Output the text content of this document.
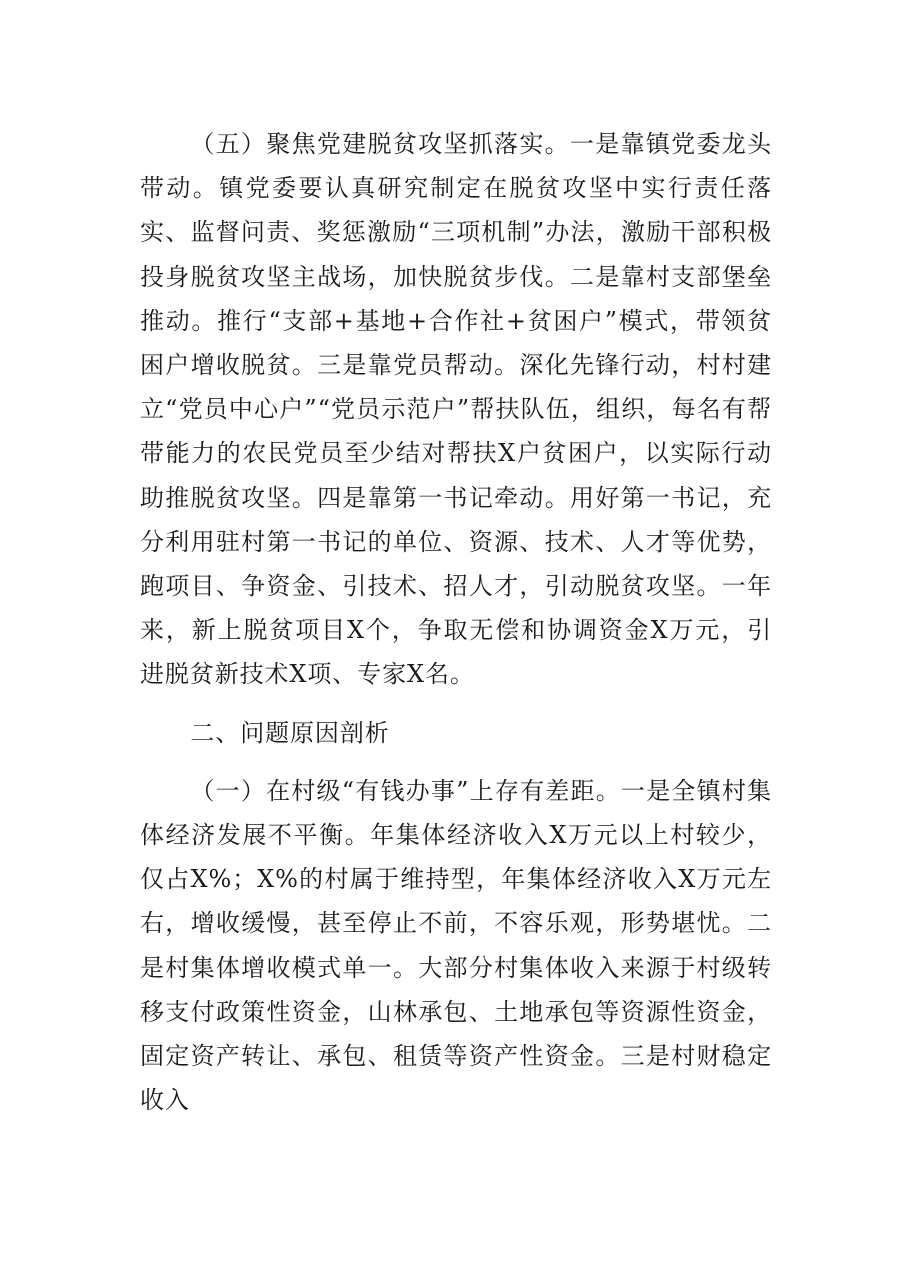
（五）聚焦党建脱贫攻坚抓落实。一是靠镇党委龙头带动。镇党委要认真研究制定在脱贫攻坚中实行责任落实、监督问责、奖惩激励“三项机制”办法，激励干部积极投身脱贫攻坚主战场，加快脱贫步伐。二是靠村支部堡垒推动。推行“支部+基地+合作社+贫困户”模式，带领贫困户增收脱贫。三是靠党员帮动。深化先锋行动，村村建立“党员中心户”“党员示范户”帮扶队伍，组织，每名有帮带能力的农民党员至少结对帮扶X户贫困户，以实际行动助推脱贫攻坚。四是靠第一书记牵动。用好第一书记，充分利用驻村第一书记的单位、资源、技术、人才等优势，跑项目、争资金、引技术、招人才，引动脱贫攻坚。一年来，新上脱贫项目X个，争取无偿和协调资金X万元，引进脱贫新技术X项、专家X名。

二、问题原因剖析

（一）在村级“有钱办事”上存有差距。一是全镇村集体经济发展不平衡。年集体经济收入X万元以上村较少，仅占X%；X%的村属于维持型，年集体经济收入X万元左右，增收缓慢，甚至停止不前，不容乐观，形势堪忧。二是村集体增收模式单一。大部分村集体收入来源于村级转移支付政策性资金，山林承包、土地承包等资源性资金，固定资产转让、承包、租赁等资产性资金。三是村财稳定收入
